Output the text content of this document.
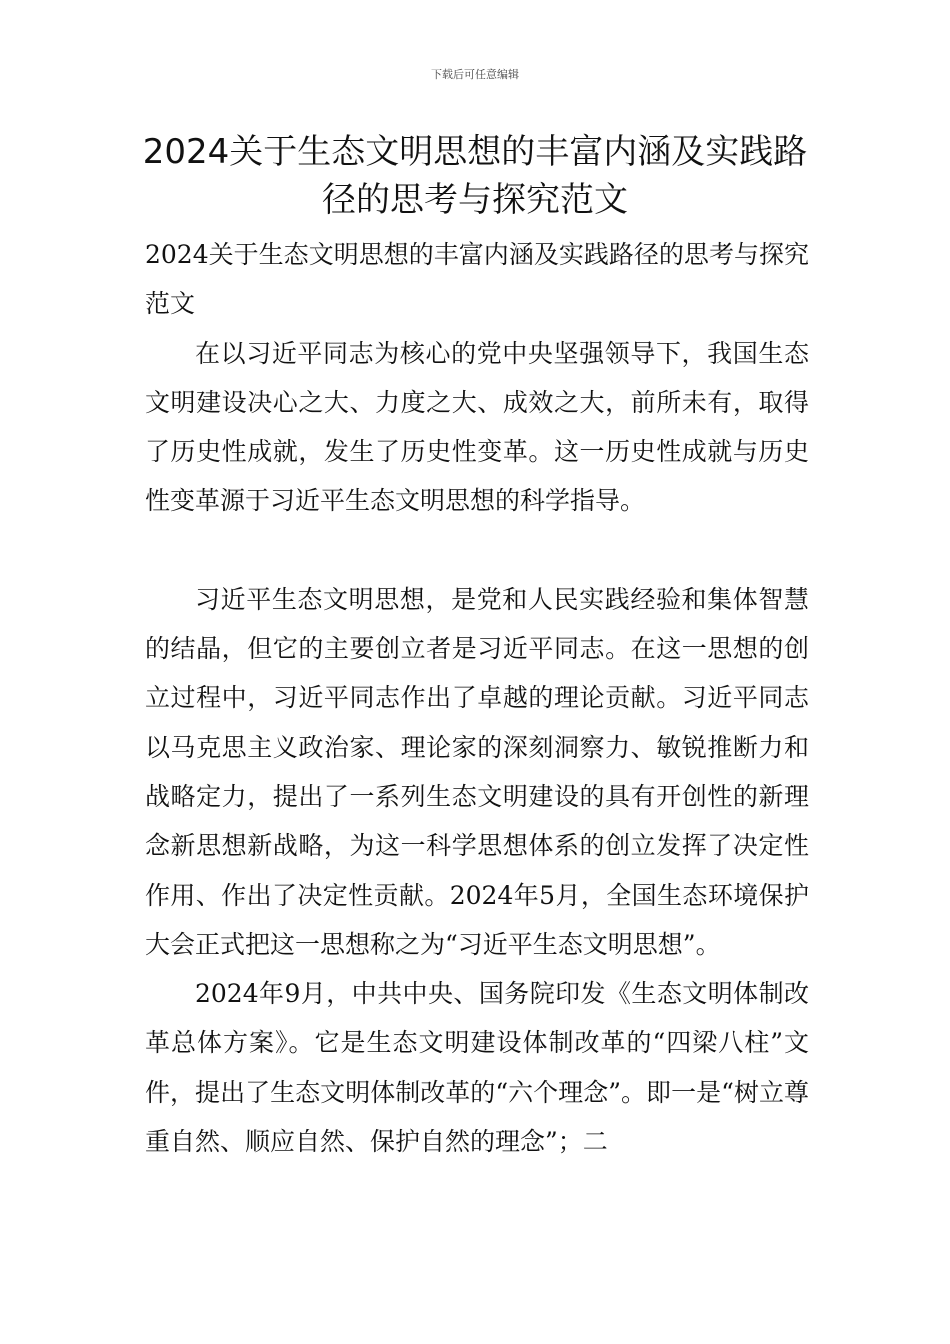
下载后可任意编辑
2024关于生态文明思想的丰富内涵及实践路径的思考与探究范文

2024关于生态文明思想的丰富内涵及实践路径的思考与探究范文

在以习近平同志为核心的党中央坚强领导下，我国生态文明建设决心之大、力度之大、成效之大，前所未有，取得了历史性成就，发生了历史性变革。这一历史性成就与历史性变革源于习近平生态文明思想的科学指导。

习近平生态文明思想，是党和人民实践经验和集体智慧的结晶，但它的主要创立者是习近平同志。在这一思想的创立过程中，习近平同志作出了卓越的理论贡献。习近平同志以马克思主义政治家、理论家的深刻洞察力、敏锐推断力和战略定力，提出了一系列生态文明建设的具有开创性的新理念新思想新战略，为这一科学思想体系的创立发挥了决定性作用、作出了决定性贡献。2024年5月，全国生态环境保护大会正式把这一思想称之为“习近平生态文明思想”。

2024年9月，中共中央、国务院印发《生态文明体制改革总体方案》。它是生态文明建设体制改革的“四梁八柱”文件，提出了生态文明体制改革的“六个理念”。即一是“树立尊重自然、顺应自然、保护自然的理念”；二
